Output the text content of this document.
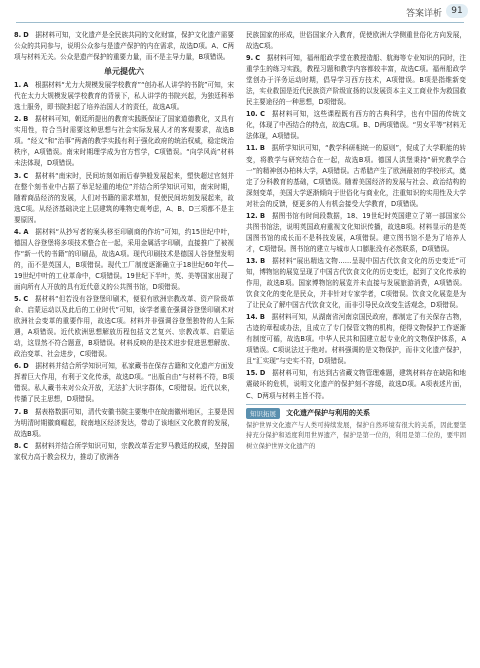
答案详析	91

8. D  据材料可知，文化遗产是全民族共同的文化财富，保护文化遗产需要公众的共同参与，说明公众参与是遗产保护的内在需求，故选D项。A、C两项与材料无关。公众是遗产保护的重要力量，而不是主导力量，B项错误。

单元提优六

1. A  根据材料“尤力大规模发展学校教育”“创办私人讲学的书院”可知，宋代在太力大规模发展学校教育的背景下，私人讲学的书院兴起，为独廷科举选士服务，即书院担起了培养治国人才的责任，故选A项。

2. B  据材料可知，朝廷所提出的教育实践既保证了国家道德教化，又具有实用性，符合当时需要这种思想与社会实际发展人才的客观要求，故选B项。“经义”和“治事”两斋的教学实践有利于强化政府的统治权威，稳定统治秩序，A项错误。南宋时期理学成为官方哲学，C项错误。“向学风尚”材料未法体现，D项错误。

3. C  据材料“南宋时，民间坊刻如雨后春笋般发展起来，塑快超过官刻并在整个刻书业中占据了举足轻重的地位”并结合所学知识可知，南宋时期，随着商品经济的发展，人们对书籍的需求增加，促使民间坊刻发展起来，故选C项。从经济基础决定上层建筑的唯物史观考虑，A、B、D三项都不是主要原因。

4. A  据材料“从抄写者的案头移至印刷商的作坊”可知，约15世纪中叶，德国人谷登堡将多项技术整合在一起，采用金属活字印刷，直接推广了被视作“新一代的书籍”的印刷品，故选A项。现代印刷技术是德国人谷登堡发明的，而不是英国人，B项错误。现代工厂制度逐渐确立于18世纪60年代—19世纪中叶的工业革命中，C项错误。19世纪下半叶，英、美等国家出现了面向所有人开放的具有近代意义的公共图书馆，D项错误。

5. C  据材料“但若没有谷登堡印刷术，便很有欧洲宗教改革、资产阶级革命、启蒙运动以及此后的工业时代”可知，该学者重在强调谷登堡印刷术对欧洲社会变革的重要作用，故选C项。材料并非强调谷登堡独特的人生际遇，A项错误。近代欧洲思想解放历程包括文艺复兴、宗教改革、启蒙运动，这显然不符合题意，B项错误。材料反映的是技术进步促进思想解放、政治变革、社会进步，C项错误。

6. D  据材料并结合所学知识可知，私家藏书在保存古籍和文化遗产方面发挥着巨大作用，有利于文化传承，故选D项。“出版自由”与材料不符，B项错误。私人藏书未对公众开放，无法扩大识字群体，C项错误。近代以来，传播了民主思想，D项错误。

7. B  据表格数据可知，清代安徽书院主要集中在皖南徽州地区，主要是因为明清时期徽商崛起，皖南地区经济发达，带动了该地区文化教育的发展，故选B项。

8. C  据材料并结合所学知识可知，宗教改革否定罗马教廷的权威，坚持国家权力高于教会权力，推动了欧洲各

民族国家的形成，世俗国家介入教育，促使欧洲大学侧重世俗化方向发展，故选C项。

9. C  据材料可知，福州船政学堂在教授造船、航海等专业知识的同时，注重学生的练习实践，教程习题和教学内容都较丰富，故选C项。福州船政学堂创办于洋务运动时期，倡导学习西方技术，A项错误。B项是指维新变法，实业救国是近代民族资产阶级宣扬的以发展资本主义工商业作为救国救民主要途径的一种思想，D项错误。

10. C  据材料可知，这些课程既有西方的古典科学，也有中国的传统文化，体现了中西结合的特点，故选C项。B、D两项错误。“男女平等”材料无法体现，A项错误。

11. B  据所学知识可知，“教学科研相统一的原则”，促成了大学职能的转变，将教学与研究结合在一起，故选B项。德国人洪堡秉持“研究教学合一”的精神创办柏林大学，A项错误。古希腊产生了欧洲最初的学校形式，奠定了分科教育的基础，C项错误。随着美国经济的发展与社会、政治结构的深刻变革，美国大学逐渐倾向于世俗化与商业化，注重知识的实用性及大学对社会的反馈，便更多的人有机会接受大学教育，D项错误。

12. B  据图书馆有时间段数据，18、19世纪时英国建立了第一部国家公共图书馆法，说明英国政府重视文化知识传播，故选B项。材料显示的是英国图书馆的成长而不是科技发展，A项错误。建立图书馆不是为了培养人才，C项错误。图书馆的建立与城市人口膨胀没有必然联系，D项错误。

13. B  据材料“展出精选文物……呈现中国古代饮食文化的历史变迁”可知，博物馆的展览呈现了中国古代饮食文化的历史变迁，起到了文化传承的作用，故选B项。国家博物馆的展览并未直接与发展旅游消费，A项错误。饮食文化的变化是民众，并非针对专家学者，C项错误。饮食文化展览是为了让民众了解中国古代饮食文化，而非引导民众改变生活观念，D项错误。

14. B  据材料可知，从湖南省河南京国民政府，都制定了有关保存古物，古迹的章程或办法，且成立了专门保管文物的机构，便得文物保护工作逐渐有制度可循，故选B项。中华人民共和国建立起专业化的文物保护体系，A项错误。C项说法过于绝对。材料强调的是文物保护，而非文化遗产保护，且“汇实现”与史实不符，D项错误。

15. D  据材料可知，有达到古省藏文物管理难题，建筑材料存在缺陷和地震破坏的危机，说明文化遗产的保护刻不容缓，故选D项。A项表述片面，C、D两项与材料主旨不符。

知识拓展	文化遗产保护与利用的关系

保护世界文化遗产与人类可持续发展，保护自然环境有很大的关系，因此要坚持充分保护和适度利用世界遗产，保护是第一位的，利用是第二位的，要牢固树立保护世界文化遗产的
